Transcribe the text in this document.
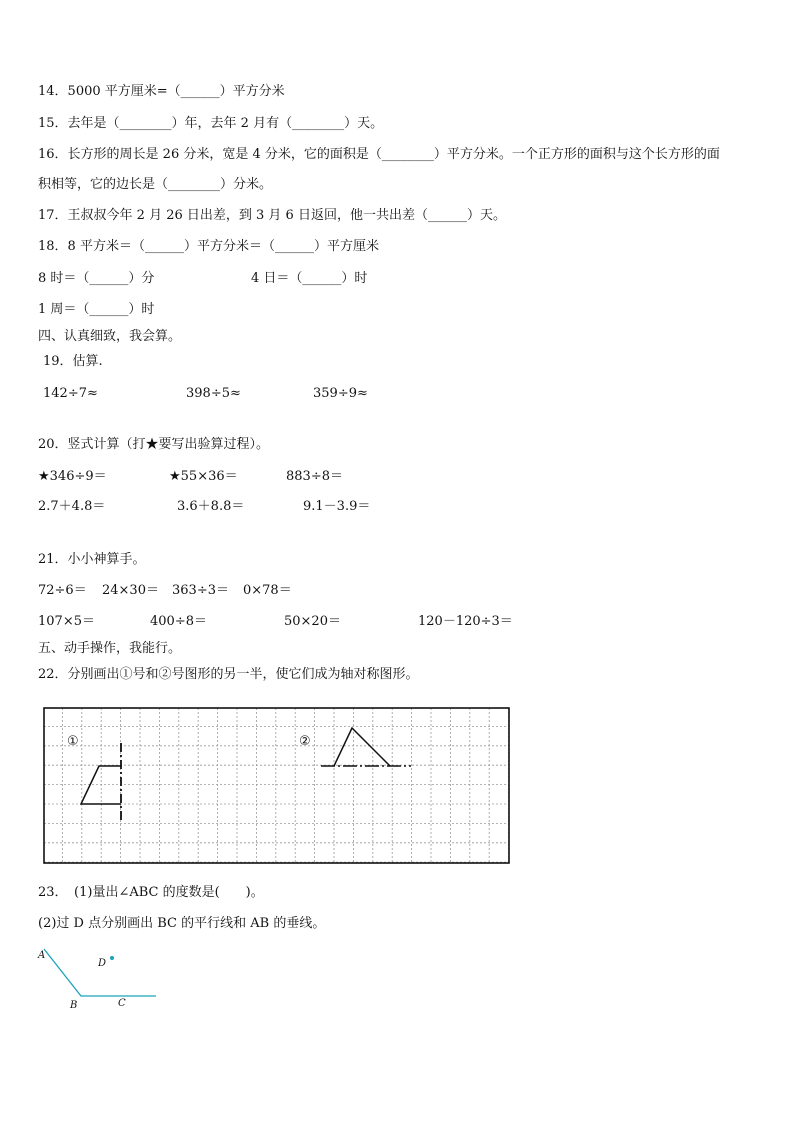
14．5000 平方厘米=（______）平方分米
15．去年是（________）年，去年 2 月有（________）天。
16．长方形的周长是 26 分米，宽是 4 分米，它的面积是（________）平方分米。一个正方形的面积与这个长方形的面
积相等，它的边长是（________）分米。
17．王叔叔今年 2 月 26 日出差，到 3 月 6 日返回，他一共出差（______）天。
18．8 平方米＝（______）平方分米＝（______）平方厘米
8 时＝（______）分	4 日＝（______）时
1 周＝（______）时
四、认真细致，我会算。
19．估算.
142÷7≈	398÷5≈	359÷9≈
20．竖式计算（打★要写出验算过程）。
★346÷9＝	★55×36＝	883÷8＝
2.7＋4.8＝	3.6＋8.8＝	9.1－3.9＝
21．小小神算手。
72÷6＝ 24×30＝ 363÷3＝ 0×78＝
107×5＝	400÷8＝	50×20＝	120－120÷3＝
五、动手操作，我能行。
22．分别画出①号和②号图形的另一半，使它们成为轴对称图形。
①	②
23．　(1)量出∠ABC 的度数是(　　)。
(2)过 D 点分别画出 BC 的平行线和 AB 的垂线。
A
B	C
D
